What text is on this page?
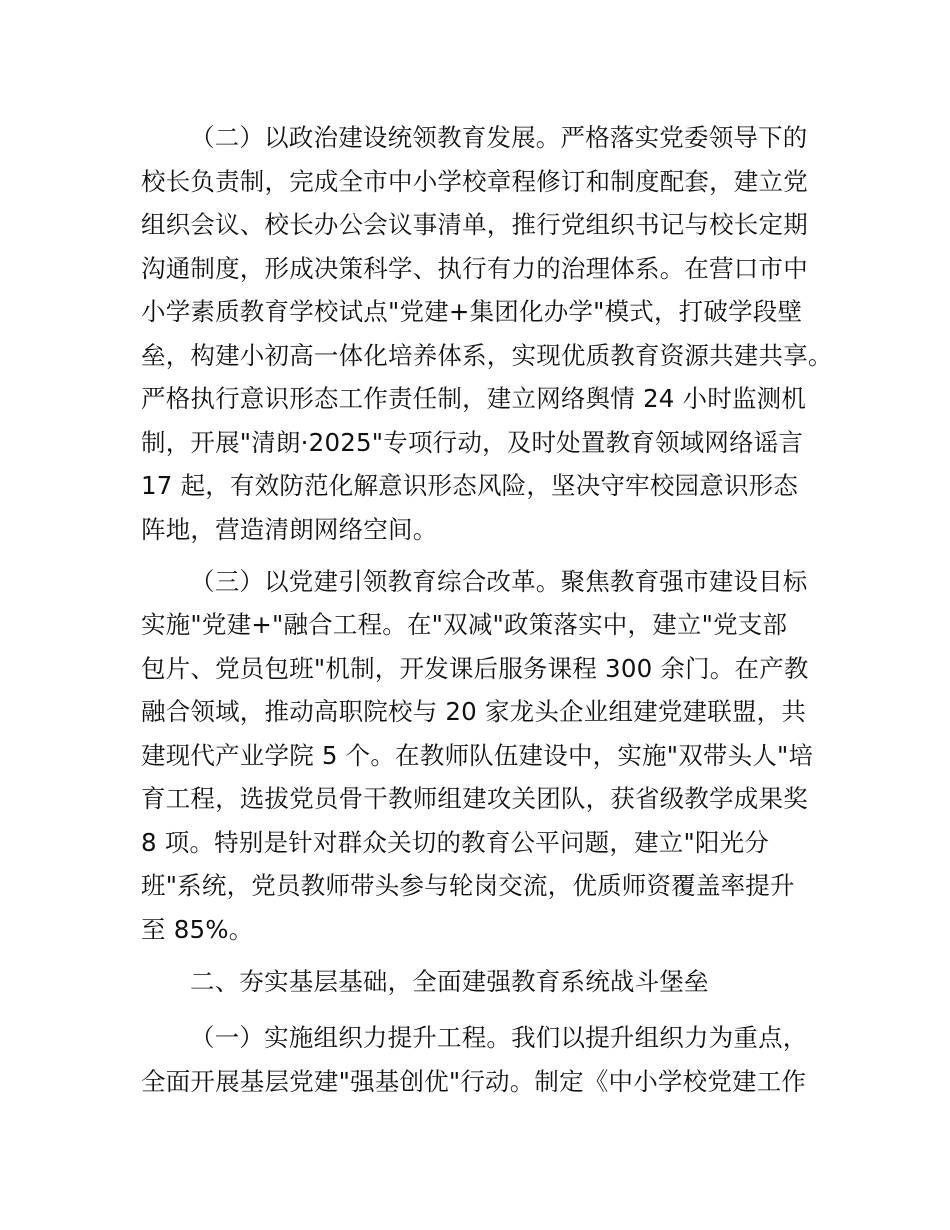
（二）以政治建设统领教育发展。严格落实党委领导下的
校长负责制，完成全市中小学校章程修订和制度配套，建立党
组织会议、校长办公会议事清单，推行党组织书记与校长定期
沟通制度，形成决策科学、执行有力的治理体系。在营口市中
小学素质教育学校试点"党建+集团化办学"模式，打破学段壁
垒，构建小初高一体化培养体系，实现优质教育资源共建共享。
严格执行意识形态工作责任制，建立网络舆情 24 小时监测机
制，开展"清朗·2025"专项行动，及时处置教育领域网络谣言
17 起，有效防范化解意识形态风险，坚决守牢校园意识形态
阵地，营造清朗网络空间。
（三）以党建引领教育综合改革。聚焦教育强市建设目标
实施"党建+"融合工程。在"双减"政策落实中，建立"党支部
包片、党员包班"机制，开发课后服务课程 300 余门。在产教
融合领域，推动高职院校与 20 家龙头企业组建党建联盟，共
建现代产业学院 5 个。在教师队伍建设中，实施"双带头人"培
育工程，选拔党员骨干教师组建攻关团队，获省级教学成果奖
8 项。特别是针对群众关切的教育公平问题，建立"阳光分
班"系统，党员教师带头参与轮岗交流，优质师资覆盖率提升
至 85%。
二、夯实基层基础，全面建强教育系统战斗堡垒
（一）实施组织力提升工程。我们以提升组织力为重点，
全面开展基层党建"强基创优"行动。制定《中小学校党建工作
